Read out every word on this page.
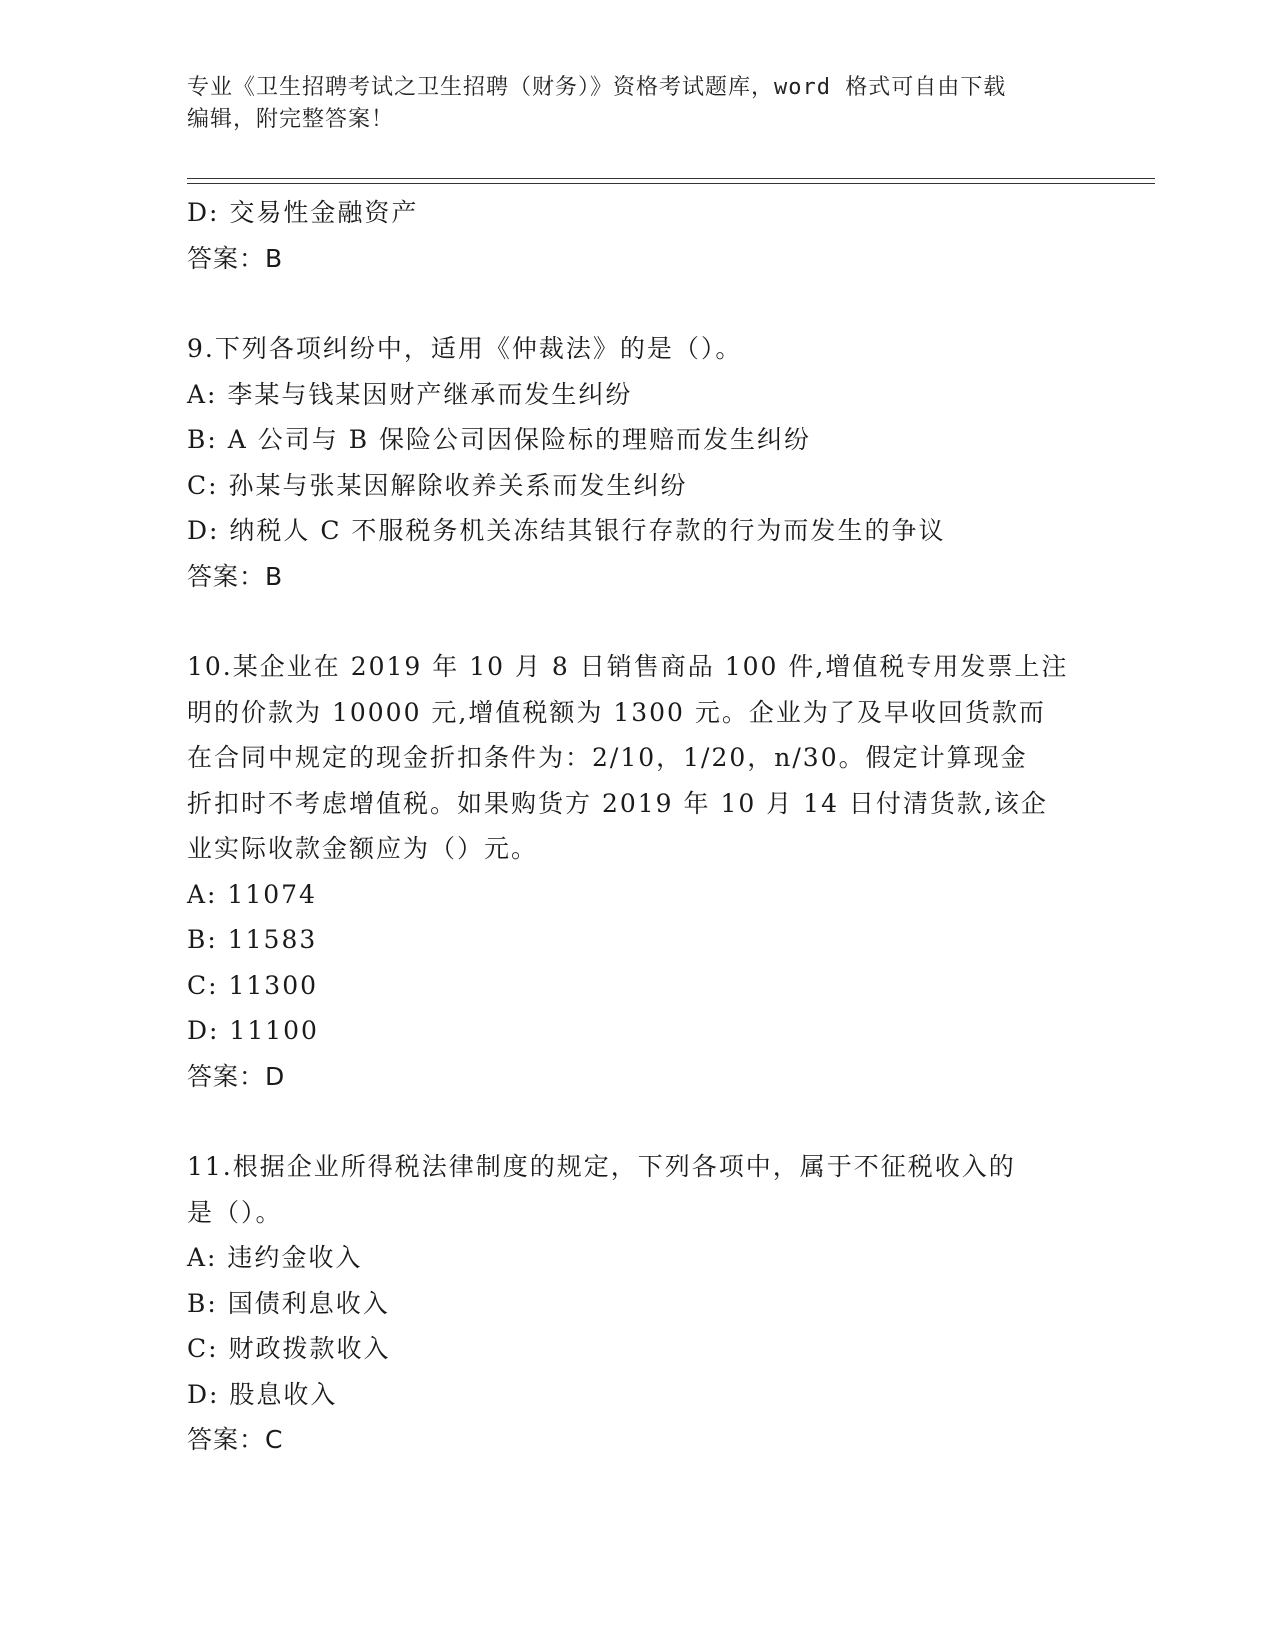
专业《卫生招聘考试之卫生招聘（财务）》资格考试题库，word 格式可自由下载
编辑，附完整答案！
D: 交易性金融资产
答案：B
9.下列各项纠纷中，适用《仲裁法》的是（）。
A: 李某与钱某因财产继承而发生纠纷
B: A 公司与 B 保险公司因保险标的理赔而发生纠纷
C: 孙某与张某因解除收养关系而发生纠纷
D: 纳税人 C 不服税务机关冻结其银行存款的行为而发生的争议
答案：B
10.某企业在 2019 年 10 月 8 日销售商品 100 件,增值税专用发票上注
明的价款为 10000 元,增值税额为 1300 元。企业为了及早收回货款而
在合同中规定的现金折扣条件为：2/10，1/20，n/30。假定计算现金
折扣时不考虑增值税。如果购货方 2019 年 10 月 14 日付清货款,该企
业实际收款金额应为（）元。
A: 11074
B: 11583
C: 11300
D: 11100
答案：D
11.根据企业所得税法律制度的规定，下列各项中，属于不征税收入的
是（）。
A: 违约金收入
B: 国债利息收入
C: 财政拨款收入
D: 股息收入
答案：C
